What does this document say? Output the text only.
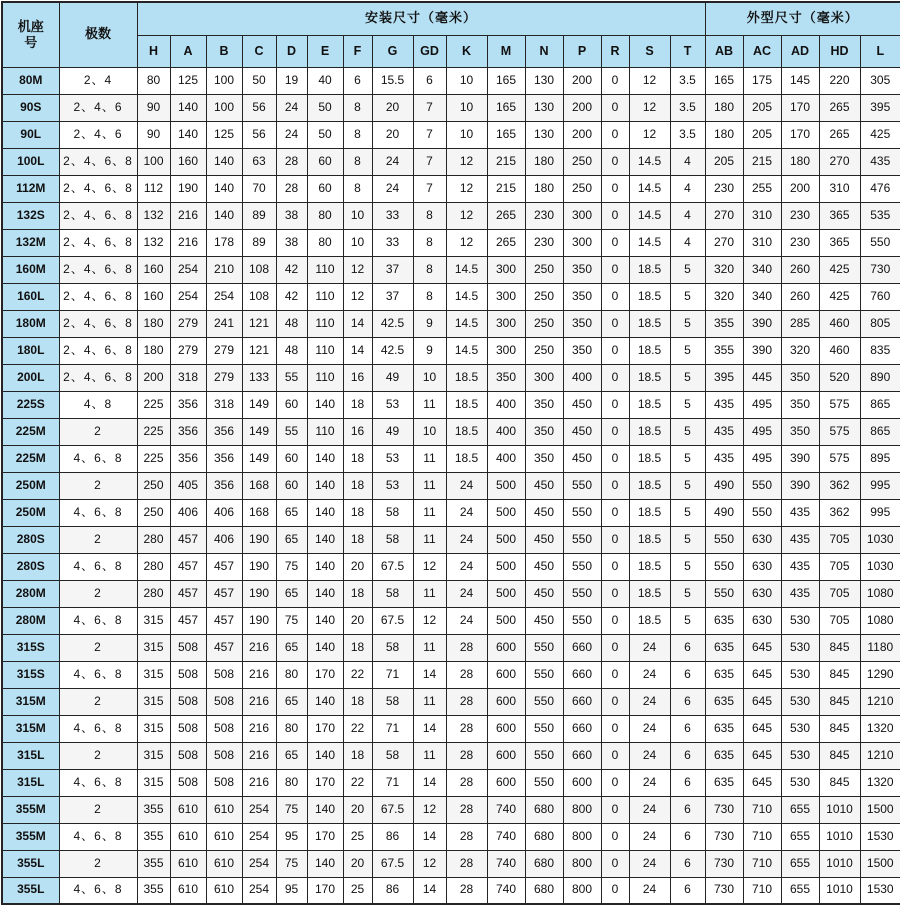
机座号	极数	安装尺寸（毫米）																外型尺寸（毫米）				
		H	A	B	C	D	E	F	G	GD	K	M	N	P	R	S	T	AB	AC	AD	HD	L
80M	2、4	80	125	100	50	19	40	6	15.5	6	10	165	130	200	0	12	3.5	165	175	145	220	305
90S	2、4、6	90	140	100	56	24	50	8	20	7	10	165	130	200	0	12	3.5	180	205	170	265	395
90L	2、4、6	90	140	125	56	24	50	8	20	7	10	165	130	200	0	12	3.5	180	205	170	265	425
100L	2、4、6、8	100	160	140	63	28	60	8	24	7	12	215	180	250	0	14.5	4	205	215	180	270	435
112M	2、4、6、8	112	190	140	70	28	60	8	24	7	12	215	180	250	0	14.5	4	230	255	200	310	476
132S	2、4、6、8	132	216	140	89	38	80	10	33	8	12	265	230	300	0	14.5	4	270	310	230	365	535
132M	2、4、6、8	132	216	178	89	38	80	10	33	8	12	265	230	300	0	14.5	4	270	310	230	365	550
160M	2、4、6、8	160	254	210	108	42	110	12	37	8	14.5	300	250	350	0	18.5	5	320	340	260	425	730
160L	2、4、6、8	160	254	254	108	42	110	12	37	8	14.5	300	250	350	0	18.5	5	320	340	260	425	760
180M	2、4、6、8	180	279	241	121	48	110	14	42.5	9	14.5	300	250	350	0	18.5	5	355	390	285	460	805
180L	2、4、6、8	180	279	279	121	48	110	14	42.5	9	14.5	300	250	350	0	18.5	5	355	390	320	460	835
200L	2、4、6、8	200	318	279	133	55	110	16	49	10	18.5	350	300	400	0	18.5	5	395	445	350	520	890
225S	4、8	225	356	318	149	60	140	18	53	11	18.5	400	350	450	0	18.5	5	435	495	350	575	865
225M	2	225	356	356	149	55	110	16	49	10	18.5	400	350	450	0	18.5	5	435	495	350	575	865
225M	4、6、8	225	356	356	149	60	140	18	53	11	18.5	400	350	450	0	18.5	5	435	495	390	575	895
250M	2	250	405	356	168	60	140	18	53	11	24	500	450	550	0	18.5	5	490	550	390	362	995
250M	4、6、8	250	406	406	168	65	140	18	58	11	24	500	450	550	0	18.5	5	490	550	435	362	995
280S	2	280	457	406	190	65	140	18	58	11	24	500	450	550	0	18.5	5	550	630	435	705	1030
280S	4、6、8	280	457	457	190	75	140	20	67.5	12	24	500	450	550	0	18.5	5	550	630	435	705	1030
280M	2	280	457	457	190	65	140	18	58	11	24	500	450	550	0	18.5	5	550	630	435	705	1080
280M	4、6、8	315	457	457	190	75	140	20	67.5	12	24	500	450	550	0	18.5	5	635	630	530	705	1080
315S	2	315	508	457	216	65	140	18	58	11	28	600	550	660	0	24	6	635	645	530	845	1180
315S	4、6、8	315	508	508	216	80	170	22	71	14	28	600	550	660	0	24	6	635	645	530	845	1290
315M	2	315	508	508	216	65	140	18	58	11	28	600	550	660	0	24	6	635	645	530	845	1210
315M	4、6、8	315	508	508	216	80	170	22	71	14	28	600	550	660	0	24	6	635	645	530	845	1320
315L	2	315	508	508	216	65	140	18	58	11	28	600	550	660	0	24	6	635	645	530	845	1210
315L	4、6、8	315	508	508	216	80	170	22	71	14	28	600	550	600	0	24	6	635	645	530	845	1320
355M	2	355	610	610	254	75	140	20	67.5	12	28	740	680	800	0	24	6	730	710	655	1010	1500
355M	4、6、8	355	610	610	254	95	170	25	86	14	28	740	680	800	0	24	6	730	710	655	1010	1530
355L	2	355	610	610	254	75	140	20	67.5	12	28	740	680	800	0	24	6	730	710	655	1010	1500
355L	4、6、8	355	610	610	254	95	170	25	86	14	28	740	680	800	0	24	6	730	710	655	1010	1530
